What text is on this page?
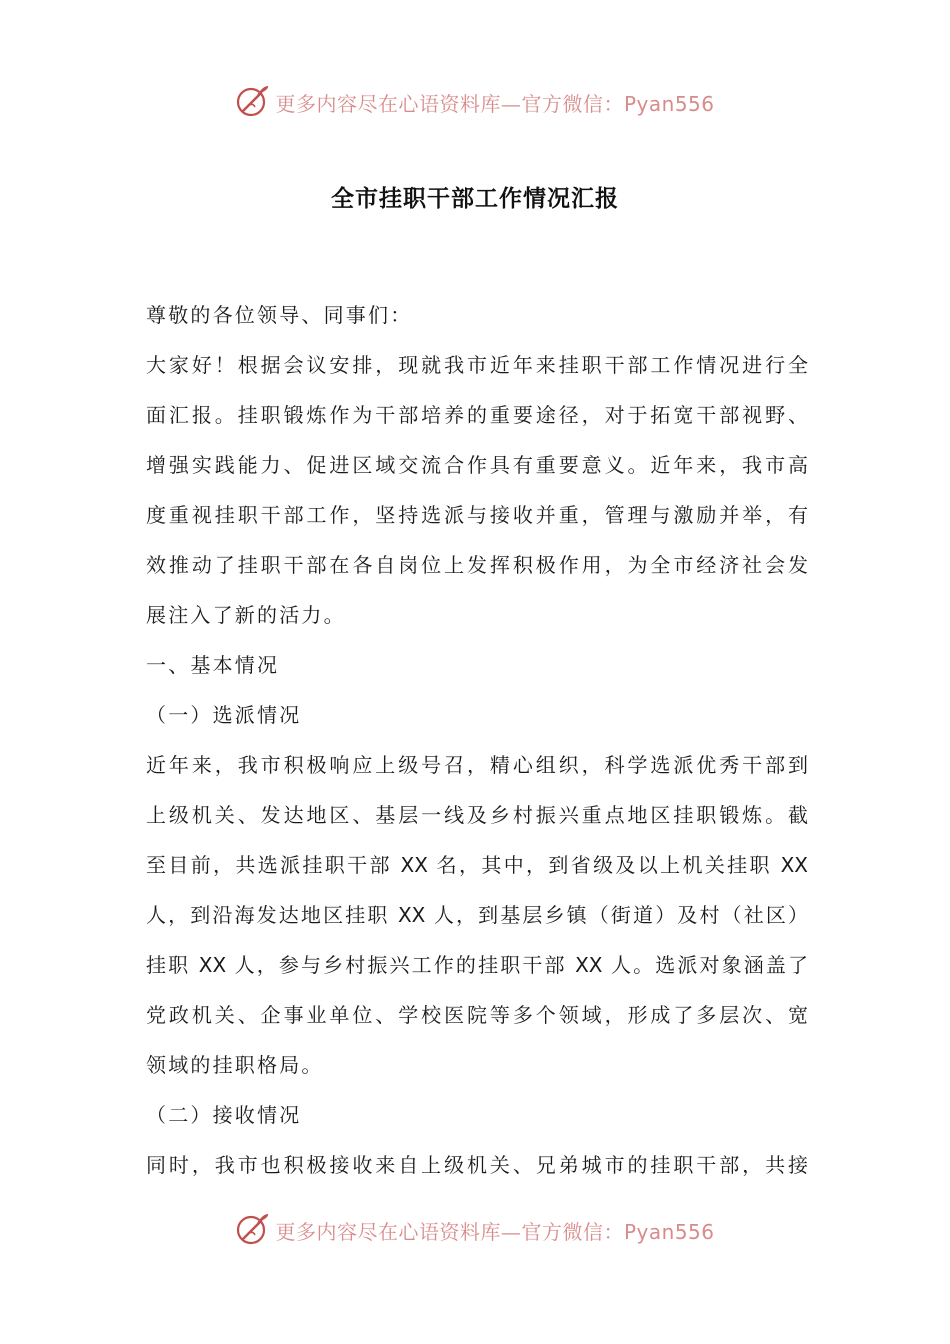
更多内容尽在心语资料库—官方微信：Pyan556
全市挂职干部工作情况汇报
尊敬的各位领导、同事们：
大家好！根据会议安排，现就我市近年来挂职干部工作情况进行全
面汇报。挂职锻炼作为干部培养的重要途径，对于拓宽干部视野、
增强实践能力、促进区域交流合作具有重要意义。近年来，我市高
度重视挂职干部工作，坚持选派与接收并重，管理与激励并举，有
效推动了挂职干部在各自岗位上发挥积极作用，为全市经济社会发
展注入了新的活力。
一、基本情况
（一）选派情况
近年来，我市积极响应上级号召，精心组织，科学选派优秀干部到
上级机关、发达地区、基层一线及乡村振兴重点地区挂职锻炼。截
至目前，共选派挂职干部 XX 名，其中，到省级及以上机关挂职 XX
人，到沿海发达地区挂职 XX 人，到基层乡镇（街道）及村（社区）
挂职 XX 人，参与乡村振兴工作的挂职干部 XX 人。选派对象涵盖了
党政机关、企事业单位、学校医院等多个领域，形成了多层次、宽
领域的挂职格局。
（二）接收情况
同时，我市也积极接收来自上级机关、兄弟城市的挂职干部，共接
更多内容尽在心语资料库—官方微信：Pyan556
